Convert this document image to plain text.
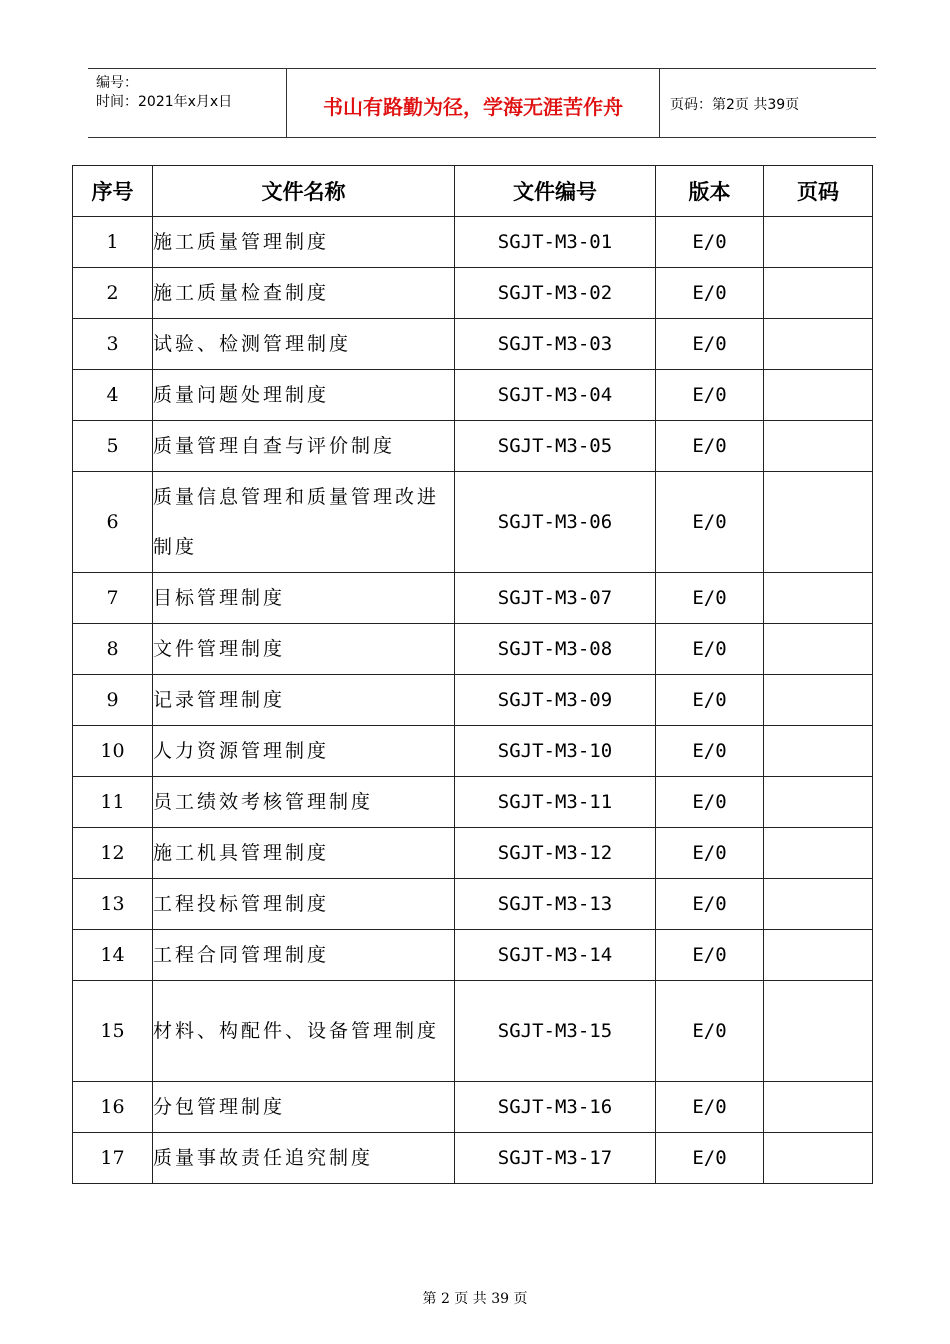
编号：
时间：2021年x月x日	书山有路勤为径，学海无涯苦作舟	页码：第2页 共39页
序号	文件名称	文件编号	版本	页码
1	施工质量管理制度	SGJT-M3-01	E/0	
2	施工质量检查制度	SGJT-M3-02	E/0	
3	试验、检测管理制度	SGJT-M3-03	E/0	
4	质量问题处理制度	SGJT-M3-04	E/0	
5	质量管理自查与评价制度	SGJT-M3-05	E/0	
6	质量信息管理和质量管理改进制度	SGJT-M3-06	E/0	
7	目标管理制度	SGJT-M3-07	E/0	
8	文件管理制度	SGJT-M3-08	E/0	
9	记录管理制度	SGJT-M3-09	E/0	
10	人力资源管理制度	SGJT-M3-10	E/0	
11	员工绩效考核管理制度	SGJT-M3-11	E/0	
12	施工机具管理制度	SGJT-M3-12	E/0	
13	工程投标管理制度	SGJT-M3-13	E/0	
14	工程合同管理制度	SGJT-M3-14	E/0	
15	材料、构配件、设备管理制度	SGJT-M3-15	E/0	
16	分包管理制度	SGJT-M3-16	E/0	
17	质量事故责任追究制度	SGJT-M3-17	E/0	
第 2 页 共 39 页
